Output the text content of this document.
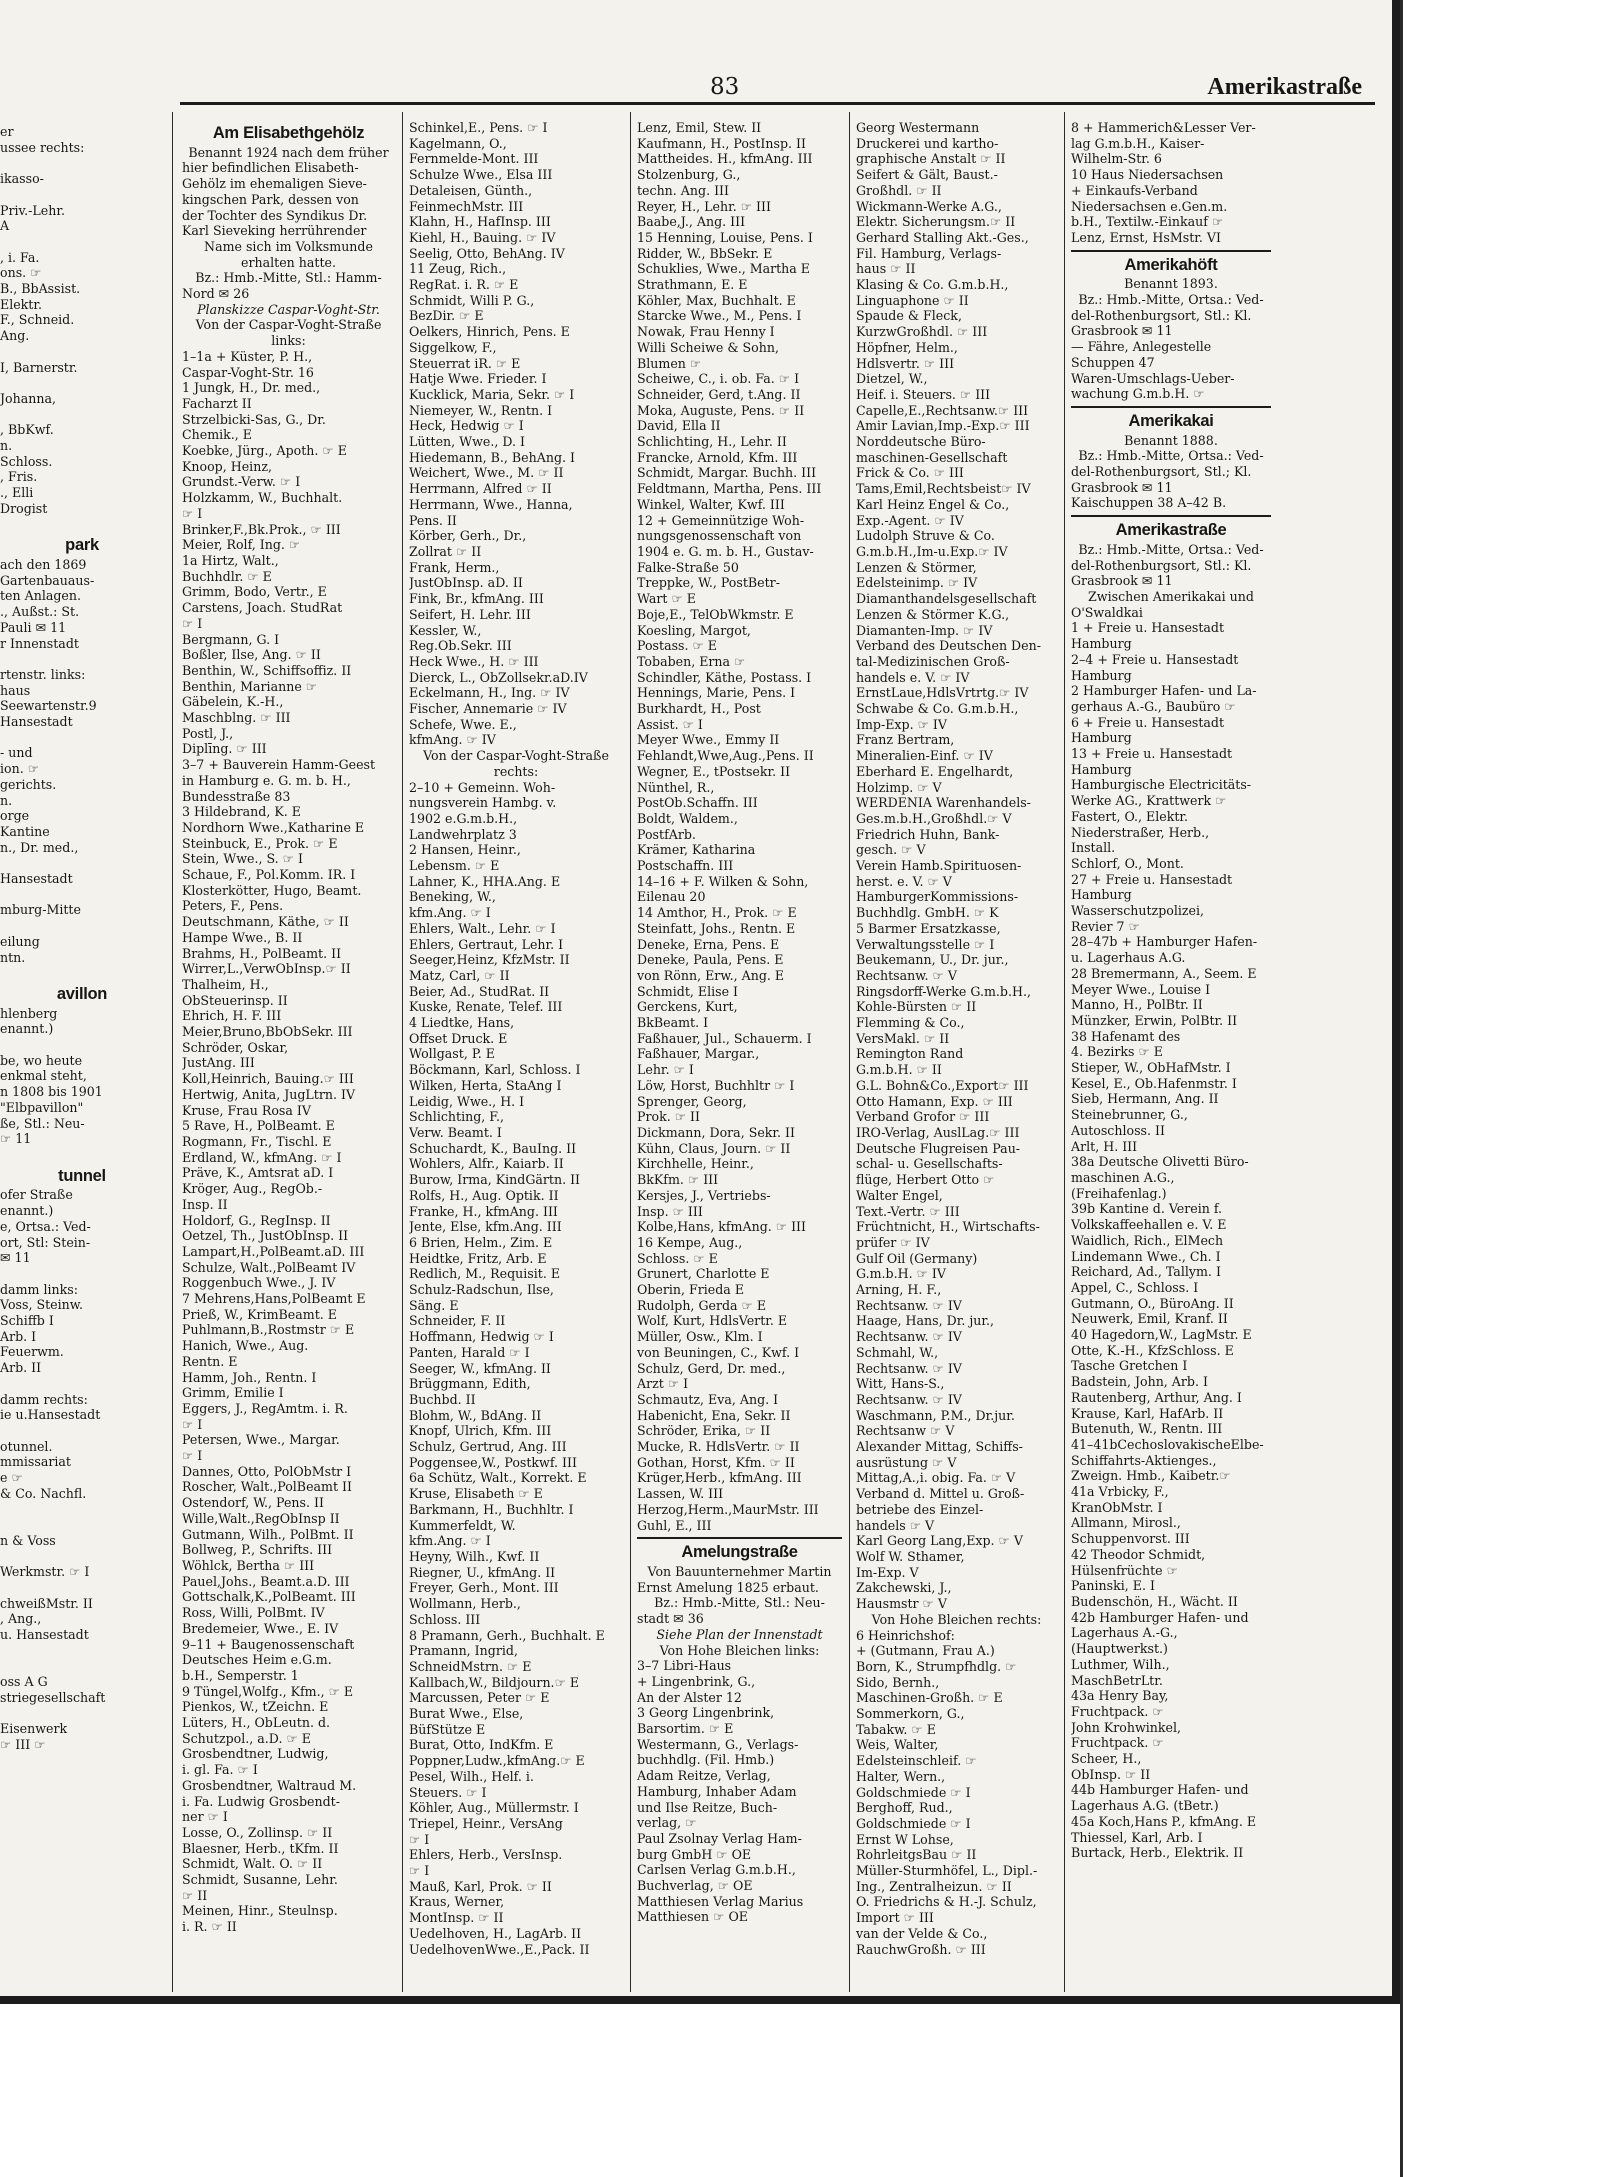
83	Amerikastraße
er
ussee rechts:

ikasso-

Priv.-Lehr.
A

, i. Fa.
ons. ☞
B., BbAssist.
Elektr.
F., Schneid.
Ang.

I, Barnerstr.

Johanna,

, BbKwf.
n.
Schloss.
, Fris.
., Elli
Drogist

park
ach den 1869
Gartenbauaus-
ten Anlagen.
., Außst.: St.
Pauli ✉ 11
r Innenstadt

rtenstr. links:
haus
Seewartenstr.9
Hansestadt

- und
ion. ☞
gerichts.
n.
orge
Kantine
n., Dr. med.,

Hansestadt

mburg-Mitte

eilung
ntn.

avillon
hlenberg
enannt.)

be, wo heute
enkmal steht,
n 1808 bis 1901
"Elbpavillon"
ße, Stl.: Neu-
☞ 11

tunnel
ofer Straße
enannt.)
e, Ortsa.: Ved-
ort, Stl: Stein-
✉ 11

damm links:
Voss, Steinw.
Schiffb I
Arb. I
Feuerwm.
Arb. II

damm rechts:
ie u.Hansestadt

otunnel.
mmissariat
e ☞
& Co. Nachfl.

n & Voss

Werkmstr. ☞ I

chweißMstr. II
, Ang.,
u. Hansestadt

oss A G
striegesellschaft

Eisenwerk
☞ III ☞
Am Elisabethgehölz
Benannt 1924 nach dem früher
hier befindlichen Elisabeth-
Gehölz im ehemaligen Sieve-
kingschen Park, dessen von
der Tochter des Syndikus Dr.
Karl Sieveking herrührender
Name sich im Volksmunde
erhalten hatte.
Bz.: Hmb.-Mitte, Stl.: Hamm-
Nord ✉ 26
Planskizze Caspar-Voght-Str.
Von der Caspar-Voght-Straße
links:
1–1a + Küster, P. H.,
Caspar-Voght-Str. 16
1 Jungk, H., Dr. med.,
Facharzt II
Strzelbicki-Sas, G., Dr.
Chemik., E
Koebke, Jürg., Apoth. ☞ E
Knoop, Heinz,
Grundst.-Verw. ☞ I
Holzkamm, W., Buchhalt.
☞ I
Brinker,F.,Bk.Prok., ☞ III
Meier, Rolf, Ing. ☞
1a Hirtz, Walt.,
Buchhdlr. ☞ E
Grimm, Bodo, Vertr., E
Carstens, Joach. StudRat
☞ I
Bergmann, G. I
Boßler, Ilse, Ang. ☞ II
Benthin, W., Schiffsoffiz. II
Benthin, Marianne ☞
Gäbelein, K.-H.,
Maschblng. ☞ III
Postl, J.,
Diplīng. ☞ III
3–7 + Bauverein Hamm-Geest
in Hamburg e. G. m. b. H.,
Bundesstraße 83
3 Hildebrand, K. E
Nordhorn Wwe.,Katharine E
Steinbuck, E., Prok. ☞ E
Stein, Wwe., S. ☞ I
Schaue, F., Pol.Komm. IR. I
Klosterkötter, Hugo, Beamt.
Peters, F., Pens.
Deutschmann, Käthe, ☞ II
Hampe Wwe., B. II
Brahms, H., PolBeamt. II
Wirrer,L.,VerwObInsp.☞ II
Thalheim, H.,
ObSteuerinsp. II
Ehrich, H. F. III
Meier,Bruno,BbObSekr. III
Schröder, Oskar,
JustAng. III
Koll,Heinrich, Bauing.☞ III
Hertwig, Anita, JugLtrn. IV
Kruse, Frau Rosa IV
5 Rave, H., PolBeamt. E
Rogmann, Fr., Tischl. E
Erdland, W., kfmAng. ☞ I
Präve, K., Amtsrat aD. I
Kröger, Aug., RegOb.-
Insp. II
Holdorf, G., RegInsp. II
Oetzel, Th., JustObInsp. II
Lampart,H.,PolBeamt.aD. III
Schulze, Walt.,PolBeamt IV
Roggenbuch Wwe., J. IV
7 Mehrens,Hans,PolBeamt E
Prieß, W., KrimBeamt. E
Puhlmann,B.,Rostmstr ☞ E
Hanich, Wwe., Aug.
Rentn. E
Hamm, Joh., Rentn. I
Grimm, Emilie I
Eggers, J., RegAmtm. i. R.
☞ I
Petersen, Wwe., Margar.
☞ I
Dannes, Otto, PolObMstr I
Roscher, Walt.,PolBeamt II
Ostendorf, W., Pens. II
Wille,Walt.,RegObInsp II
Gutmann, Wilh., PolBmt. II
Bollweg, P., Schrifts. III
Wöhlck, Bertha ☞ III
Pauel,Johs., Beamt.a.D. III
Gottschalk,K.,PolBeamt. III
Ross, Willi, PolBmt. IV
Bredemeier, Wwe., E. IV
9–11 + Baugenossenschaft
Deutsches Heim e.G.m.
b.H., Semperstr. 1
9 Tüngel,Wolfg., Kfm., ☞ E
Pienkos, W., tZeichn. E
Lüters, H., ObLeutn. d.
Schutzpol., a.D. ☞ E
Grosbendtner, Ludwig,
i. gl. Fa. ☞ I
Grosbendtner, Waltraud M.
i. Fa. Ludwig Grosbendt-
ner ☞ I
Losse, O., Zollinsp. ☞ II
Blaesner, Herb., tKfm. II
Schmidt, Walt. O. ☞ II
Schmidt, Susanne, Lehr.
☞ II
Meinen, Hinr., Steulnsp.
i. R. ☞ II
Schinkel,E., Pens. ☞ I
Kagelmann, O.,
Fernmelde-Mont. III
Schulze Wwe., Elsa III
Detaleisen, Günth.,
FeinmechMstr. III
Klahn, H., HafInsp. III
Kiehl, H., Bauing. ☞ IV
Seelig, Otto, BehAng. IV
11 Zeug, Rich.,
RegRat. i. R. ☞ E
Schmidt, Willi P. G.,
BezDir. ☞ E
Oelkers, Hinrich, Pens. E
Siggelkow, F.,
Steuerrat iR. ☞ E
Hatje Wwe. Frieder. I
Kucklick, Maria, Sekr. ☞ I
Niemeyer, W., Rentn. I
Heck, Hedwig ☞ I
Lütten, Wwe., D. I
Hiedemann, B., BehAng. I
Weichert, Wwe., M. ☞ II
Herrmann, Alfred ☞ II
Herrmann, Wwe., Hanna,
Pens. II
Körber, Gerh., Dr.,
Zollrat ☞ II
Frank, Herm.,
JustObInsp. aD. II
Fink, Br., kfmAng. III
Seifert, H. Lehr. III
Kessler, W.,
Reg.Ob.Sekr. III
Heck Wwe., H. ☞ III
Dierck, L., ObZollsekr.aD.IV
Eckelmann, H., Ing. ☞ IV
Fischer, Annemarie ☞ IV
Schefe, Wwe. E.,
kfmAng. ☞ IV
Von der Caspar-Voght-Straße
rechts:
2–10 + Gemeinn. Woh-
nungsverein Hambg. v.
1902 e.G.m.b.H.,
Landwehrplatz 3
2 Hansen, Heinr.,
Lebensm. ☞ E
Lahner, K., HHA.Ang. E
Beneking, W.,
kfm.Ang. ☞ I
Ehlers, Walt., Lehr. ☞ I
Ehlers, Gertraut, Lehr. I
Seeger,Heinz, KfzMstr. II
Matz, Carl, ☞ II
Beier, Ad., StudRat. II
Kuske, Renate, Telef. III
4 Liedtke, Hans,
Offset Druck. E
Wollgast, P. E
Böckmann, Karl, Schloss. I
Wilken, Herta, StaAng I
Leidig, Wwe., H. I
Schlichting, F.,
Verw. Beamt. I
Schuchardt, K., BauIng. II
Wohlers, Alfr., Kaiarb. II
Burow, Irma, KindGärtn. II
Rolfs, H., Aug. Optik. II
Franke, H., kfmAng. III
Jente, Else, kfm.Ang. III
6 Brien, Helm., Zim. E
Heidtke, Fritz, Arb. E
Redlich, M., Requisit. E
Schulz-Radschun, Ilse,
Säng. E
Schneider, F. II
Hoffmann, Hedwig ☞ I
Panten, Harald ☞ I
Seeger, W., kfmAng. II
Brüggmann, Edith,
Buchbd. II
Blohm, W., BdAng. II
Knopf, Ulrich, Kfm. III
Schulz, Gertrud, Ang. III
Poggensee,W., Postkwf. III
6a Schütz, Walt., Korrekt. E
Kruse, Elisabeth ☞ E
Barkmann, H., Buchhltr. I
Kummerfeldt, W.
kfm.Ang. ☞ I
Heyny, Wilh., Kwf. II
Riegner, U., kfmAng. II
Freyer, Gerh., Mont. III
Wollmann, Herb.,
Schloss. III
8 Pramann, Gerh., Buchhalt. E
Pramann, Ingrid,
SchneidMstrn. ☞ E
Kallbach,W., Bildjourn.☞ E
Marcussen, Peter ☞ E
Burat Wwe., Else,
BüfStütze E
Burat, Otto, IndKfm. E
Poppner,Ludw.,kfmAng.☞ E
Pesel, Wilh., Helf. i.
Steuers. ☞ I
Köhler, Aug., Müllermstr. I
Triepel, Heinr., VersAng
☞ I
Ehlers, Herb., VersInsp.
☞ I
Mauß, Karl, Prok. ☞ II
Kraus, Werner,
MontInsp. ☞ II
Uedelhoven, H., LagArb. II
UedelhovenWwe.,E.,Pack. II
Lenz, Emil, Stew. II
Kaufmann, H., PostInsp. II
Mattheides. H., kfmAng. III
Stolzenburg, G.,
techn. Ang. III
Reyer, H., Lehr. ☞ III
Baabe,J., Ang. III
15 Henning, Louise, Pens. I
Ridder, W., BbSekr. E
Schuklies, Wwe., Martha E
Strathmann, E. E
Köhler, Max, Buchhalt. E
Starcke Wwe., M., Pens. I
Nowak, Frau Henny I
Willi Scheiwe & Sohn,
Blumen ☞
Scheiwe, C., i. ob. Fa. ☞ I
Schneider, Gerd, t.Ang. II
Moka, Auguste, Pens. ☞ II
David, Ella II
Schlichting, H., Lehr. II
Francke, Arnold, Kfm. III
Schmidt, Margar. Buchh. III
Feldtmann, Martha, Pens. III
Winkel, Walter, Kwf. III
12 + Gemeinnützige Woh-
nungsgenossenschaft von
1904 e. G. m. b. H., Gustav-
Falke-Straße 50
Treppke, W., PostBetr-
Wart ☞ E
Boje,E., TelObWkmstr. E
Koesling, Margot,
Postass. ☞ E
Tobaben, Erna ☞
Schindler, Käthe, Postass. I
Hennings, Marie, Pens. I
Burkhardt, H., Post
Assist. ☞ I
Meyer Wwe., Emmy II
Fehlandt,Wwe,Aug.,Pens. II
Wegner, E., tPostsekr. II
Nünthel, R.,
PostOb.Schaffn. III
Boldt, Waldem.,
PostfArb.
Krämer, Katharina
Postschaffn. III
14–16 + F. Wilken & Sohn,
Eilenau 20
14 Amthor, H., Prok. ☞ E
Steinfatt, Johs., Rentn. E
Deneke, Erna, Pens. E
Deneke, Paula, Pens. E
von Rönn, Erw., Ang. E
Schmidt, Elise I
Gerckens, Kurt,
BkBeamt. I
Faßhauer, Jul., Schauerm. I
Faßhauer, Margar.,
Lehr. ☞ I
Löw, Horst, Buchhltr ☞ I
Sprenger, Georg,
Prok. ☞ II
Dickmann, Dora, Sekr. II
Kühn, Claus, Journ. ☞ II
Kirchhelle, Heinr.,
BkKfm. ☞ III
Kersjes, J., Vertriebs-
Insp. ☞ III
Kolbe,Hans, kfmAng. ☞ III
16 Kempe, Aug.,
Schloss. ☞ E
Grunert, Charlotte E
Oberin, Frieda E
Rudolph, Gerda ☞ E
Wolf, Kurt, HdlsVertr. E
Müller, Osw., Klm. I
von Beuningen, C., Kwf. I
Schulz, Gerd, Dr. med.,
Arzt ☞ I
Schmautz, Eva, Ang. I
Habenicht, Ena, Sekr. II
Schröder, Erika, ☞ II
Mucke, R. HdlsVertr. ☞ II
Gothan, Horst, Kfm. ☞ II
Krüger,Herb., kfmAng. III
Lassen, W. III
Herzog,Herm.,MaurMstr. III
Guhl, E., III
Amelungstraße
Von Bauunternehmer Martin
Ernst Amelung 1825 erbaut.
Bz.: Hmb.-Mitte, Stl.: Neu-
stadt ✉ 36
Siehe Plan der Innenstadt
Von Hohe Bleichen links:
3–7 Libri-Haus
+ Lingenbrink, G.,
An der Alster 12
3 Georg Lingenbrink,
Barsortim. ☞ E
Westermann, G., Verlags-
buchhdlg. (Fil. Hmb.)
Adam Reitze, Verlag,
Hamburg, Inhaber Adam
und Ilse Reitze, Buch-
verlag, ☞
Paul Zsolnay Verlag Ham-
burg GmbH ☞ OE
Carlsen Verlag G.m.b.H.,
Buchverlag, ☞ OE
Matthiesen Verlag Marius
Matthiesen ☞ OE
Georg Westermann
Druckerei und kartho-
graphische Anstalt ☞ II
Seifert & Gält, Baust.-
Großhdl. ☞ II
Wickmann-Werke A.G.,
Elektr. Sicherungsm.☞ II
Gerhard Stalling Akt.-Ges.,
Fil. Hamburg, Verlags-
haus ☞ II
Klasing & Co. G.m.b.H.,
Linguaphone ☞ II
Spaude & Fleck,
KurzwGroßhdl. ☞ III
Höpfner, Helm.,
Hdlsvertr. ☞ III
Dietzel, W.,
Heif. i. Steuers. ☞ III
Capelle,E.,Rechtsanw.☞ III
Amir Lavian,Imp.-Exp.☞ III
Norddeutsche Büro-
maschinen-Gesellschaft
Frick & Co. ☞ III
Tams,Emil,Rechtsbeist☞ IV
Karl Heinz Engel & Co.,
Exp.-Agent. ☞ IV
Ludolph Struve & Co.
G.m.b.H.,Im-u.Exp.☞ IV
Lenzen & Störmer,
Edelsteinimp. ☞ IV
Diamanthandelsgesellschaft
Lenzen & Störmer K.G.,
Diamanten-Imp. ☞ IV
Verband des Deutschen Den-
tal-Medizinischen Groß-
handels e. V. ☞ IV
ErnstLaue,HdlsVrtrtg.☞ IV
Schwabe & Co. G.m.b.H.,
Imp-Exp. ☞ IV
Franz Bertram,
Mineralien-Einf. ☞ IV
Eberhard E. Engelhardt,
Holzimp. ☞ V
WERDENIA Warenhandels-
Ges.m.b.H.,Großhdl.☞ V
Friedrich Huhn, Bank-
gesch. ☞ V
Verein Hamb.Spirituosen-
herst. e. V. ☞ V
HamburgerKommissions-
Buchhdlg. GmbH. ☞ K
5 Barmer Ersatzkasse,
Verwaltungsstelle ☞ I
Beukemann, U., Dr. jur.,
Rechtsanw. ☞ V
Ringsdorff-Werke G.m.b.H.,
Kohle-Bürsten ☞ II
Flemming & Co.,
VersMakl. ☞ II
Remington Rand
G.m.b.H. ☞ II
G.L. Bohn&Co.,Export☞ III
Otto Hamann, Exp. ☞ III
Verband Grofor ☞ III
IRO-Verlag, AuslLag.☞ III
Deutsche Flugreisen Pau-
schal- u. Gesellschafts-
flüge, Herbert Otto ☞
Walter Engel,
Text.-Vertr. ☞ III
Früchtnicht, H., Wirtschafts-
prüfer ☞ IV
Gulf Oil (Germany)
G.m.b.H. ☞ IV
Arning, H. F.,
Rechtsanw. ☞ IV
Haage, Hans, Dr. jur.,
Rechtsanw. ☞ IV
Schmahl, W.,
Rechtsanw. ☞ IV
Witt, Hans-S.,
Rechtsanw. ☞ IV
Waschmann, P.M., Dr.jur.
Rechtsanw ☞ V
Alexander Mittag, Schiffs-
ausrüstung ☞ V
Mittag,A.,i. obig. Fa. ☞ V
Verband d. Mittel u. Groß-
betriebe des Einzel-
handels ☞ V
Karl Georg Lang,Exp. ☞ V
Wolf W. Sthamer,
Im-Exp. V
Zakchewski, J.,
Hausmstr ☞ V
Von Hohe Bleichen rechts:
6 Heinrichshof:
+ (Gutmann, Frau A.)
Born, K., Strumpfhdlg. ☞
Sido, Bernh.,
Maschinen-Großh. ☞ E
Sommerkorn, G.,
Tabakw. ☞ E
Weis, Walter,
Edelsteinschleif. ☞
Halter, Wern.,
Goldschmiede ☞ I
Berghoff, Rud.,
Goldschmiede ☞ I
Ernst W Lohse,
RohrleitgsBau ☞ II
Müller-Sturmhöfel, L., Dipl.-
Ing., Zentralheizun. ☞ II
O. Friedrichs & H.-J. Schulz,
Import ☞ III
van der Velde & Co.,
RauchwGroßh. ☞ III
8 + Hammerich&Lesser Ver-
lag G.m.b.H., Kaiser-
Wilhelm-Str. 6
10 Haus Niedersachsen
+ Einkaufs-Verband
Niedersachsen e.Gen.m.
b.H., Textilw.-Einkauf ☞
Lenz, Ernst, HsMstr. VI
Amerikahöft
Benannt 1893.
Bz.: Hmb.-Mitte, Ortsa.: Ved-
del-Rothenburgsort, Stl.: Kl.
Grasbrook ✉ 11
— Fähre, Anlegestelle
Schuppen 47
Waren-Umschlags-Ueber-
wachung G.m.b.H. ☞
Amerikakai
Benannt 1888.
Bz.: Hmb.-Mitte, Ortsa.: Ved-
del-Rothenburgsort, Stl.; Kl.
Grasbrook ✉ 11
Kaischuppen 38 A–42 B.
Amerikastraße
Bz.: Hmb.-Mitte, Ortsa.: Ved-
del-Rothenburgsort, Stl.: Kl.
Grasbrook ✉ 11
Zwischen Amerikakai und
O'Swaldkai
1 + Freie u. Hansestadt
Hamburg
2–4 + Freie u. Hansestadt
Hamburg
2 Hamburger Hafen- und La-
gerhaus A.-G., Baubüro ☞
6 + Freie u. Hansestadt
Hamburg
13 + Freie u. Hansestadt
Hamburg
Hamburgische Electricitäts-
Werke AG., Krattwerk ☞
Fastert, O., Elektr.
Niederstraßer, Herb.,
Install.
Schlorf, O., Mont.
27 + Freie u. Hansestadt
Hamburg
Wasserschutzpolizei,
Revier 7 ☞
28–47b + Hamburger Hafen-
u. Lagerhaus A.G.
28 Bremermann, A., Seem. E
Meyer Wwe., Louise I
Manno, H., PolBtr. II
Münzker, Erwin, PolBtr. II
38 Hafenamt des
4. Bezirks ☞ E
Stieper, W., ObHafMstr. I
Kesel, E., Ob.Hafenmstr. I
Sieb, Hermann, Ang. II
Steinebrunner, G.,
Autoschloss. II
Arlt, H. III
38a Deutsche Olivetti Büro-
maschinen A.G.,
(Freihafenlag.)
39b Kantine d. Verein f.
Volkskaffeehallen e. V. E
Waidlich, Rich., ElMech
Lindemann Wwe., Ch. I
Reichard, Ad., Tallym. I
Appel, C., Schloss. I
Gutmann, O., BüroAng. II
Neuwerk, Emil, Kranf. II
40 Hagedorn,W., LagMstr. E
Otte, K.-H., KfzSchloss. E
Tasche Gretchen I
Badstein, John, Arb. I
Rautenberg, Arthur, Ang. I
Krause, Karl, HafArb. II
Butenuth, W., Rentn. III
41–41bCechoslovakischeElbe-
Schiffahrts-Aktienges.,
Zweign. Hmb., Kaibetr.☞
41a Vrbicky, F.,
KranObMstr. I
Allmann, Mirosl.,
Schuppenvorst. III
42 Theodor Schmidt,
Hülsenfrüchte ☞
Paninski, E. I
Budenschön, H., Wächt. II
42b Hamburger Hafen- und
Lagerhaus A.-G.,
(Hauptwerkst.)
Luthmer, Wilh.,
MaschBetrLtr.
43a Henry Bay,
Fruchtpack. ☞
John Krohwinkel,
Fruchtpack. ☞
Scheer, H.,
ObInsp. ☞ II
44b Hamburger Hafen- und
Lagerhaus A.G. (tBetr.)
45a Koch,Hans P., kfmAng. E
Thiessel, Karl, Arb. I
Burtack, Herb., Elektrik. II
